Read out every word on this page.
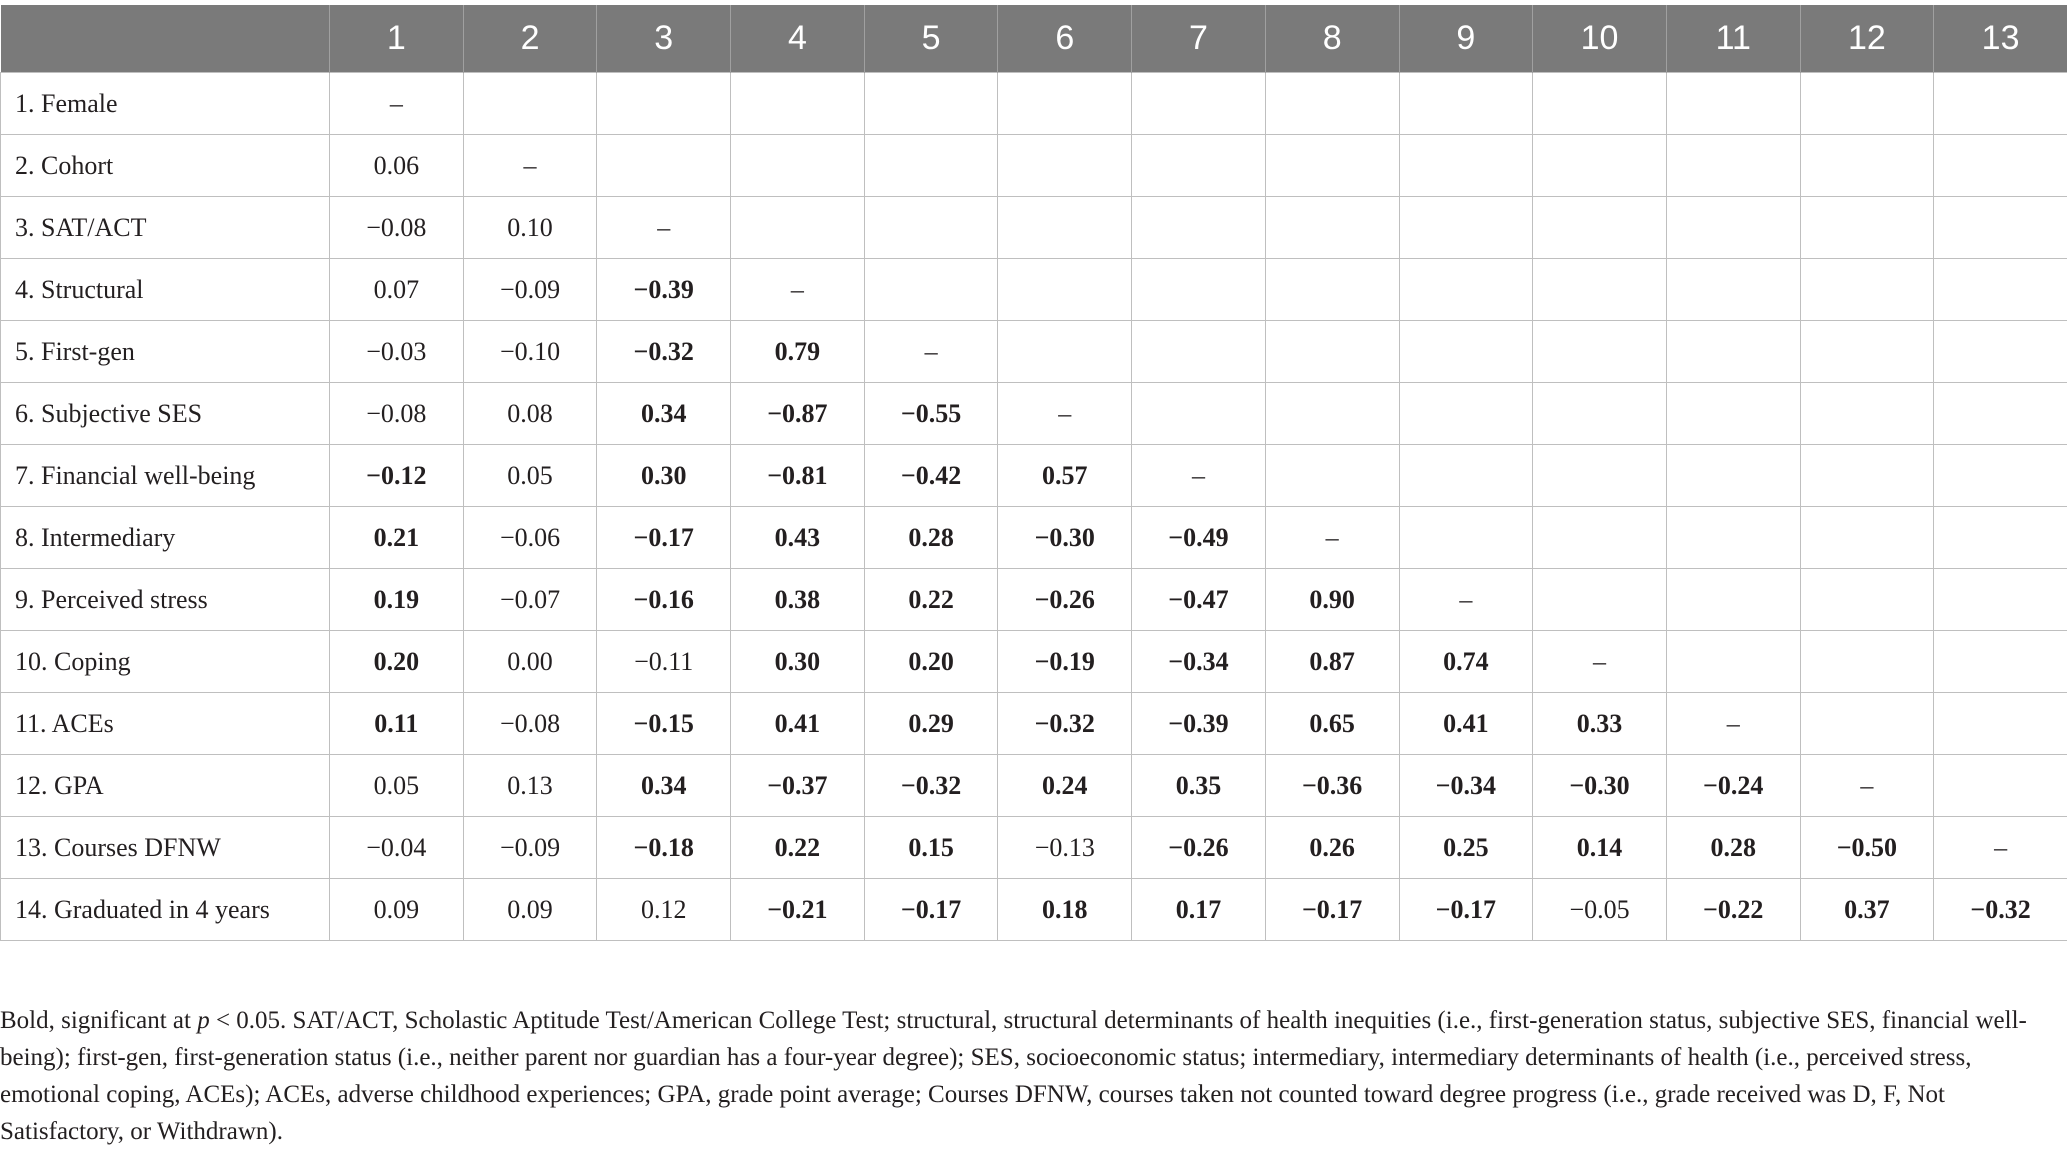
	1	2	3	4	5	6	7	8	9	10	11	12	13
1. Female	–												
2. Cohort	0.06	–											
3. SAT/ACT	−0.08	0.10	–										
4. Structural	0.07	−0.09	−0.39	–									
5. First-gen	−0.03	−0.10	−0.32	0.79	–								
6. Subjective SES	−0.08	0.08	0.34	−0.87	−0.55	–							
7. Financial well-being	−0.12	0.05	0.30	−0.81	−0.42	0.57	–						
8. Intermediary	0.21	−0.06	−0.17	0.43	0.28	−0.30	−0.49	–					
9. Perceived stress	0.19	−0.07	−0.16	0.38	0.22	−0.26	−0.47	0.90	–				
10. Coping	0.20	0.00	−0.11	0.30	0.20	−0.19	−0.34	0.87	0.74	–			
11. ACEs	0.11	−0.08	−0.15	0.41	0.29	−0.32	−0.39	0.65	0.41	0.33	–		
12. GPA	0.05	0.13	0.34	−0.37	−0.32	0.24	0.35	−0.36	−0.34	−0.30	−0.24	–	
13. Courses DFNW	−0.04	−0.09	−0.18	0.22	0.15	−0.13	−0.26	0.26	0.25	0.14	0.28	−0.50	–
14. Graduated in 4 years	0.09	0.09	0.12	−0.21	−0.17	0.18	0.17	−0.17	−0.17	−0.05	−0.22	0.37	−0.32
Bold, significant at p < 0.05. SAT/ACT, Scholastic Aptitude Test/American College Test; structural, structural determinants of health inequities (i.e., first-generation status, subjective SES, financial well-being); first-gen, first-generation status (i.e., neither parent nor guardian has a four-year degree); SES, socioeconomic status; intermediary, intermediary determinants of health (i.e., perceived stress, emotional coping, ACEs); ACEs, adverse childhood experiences; GPA, grade point average; Courses DFNW, courses taken not counted toward degree progress (i.e., grade received was D, F, Not Satisfactory, or Withdrawn).
